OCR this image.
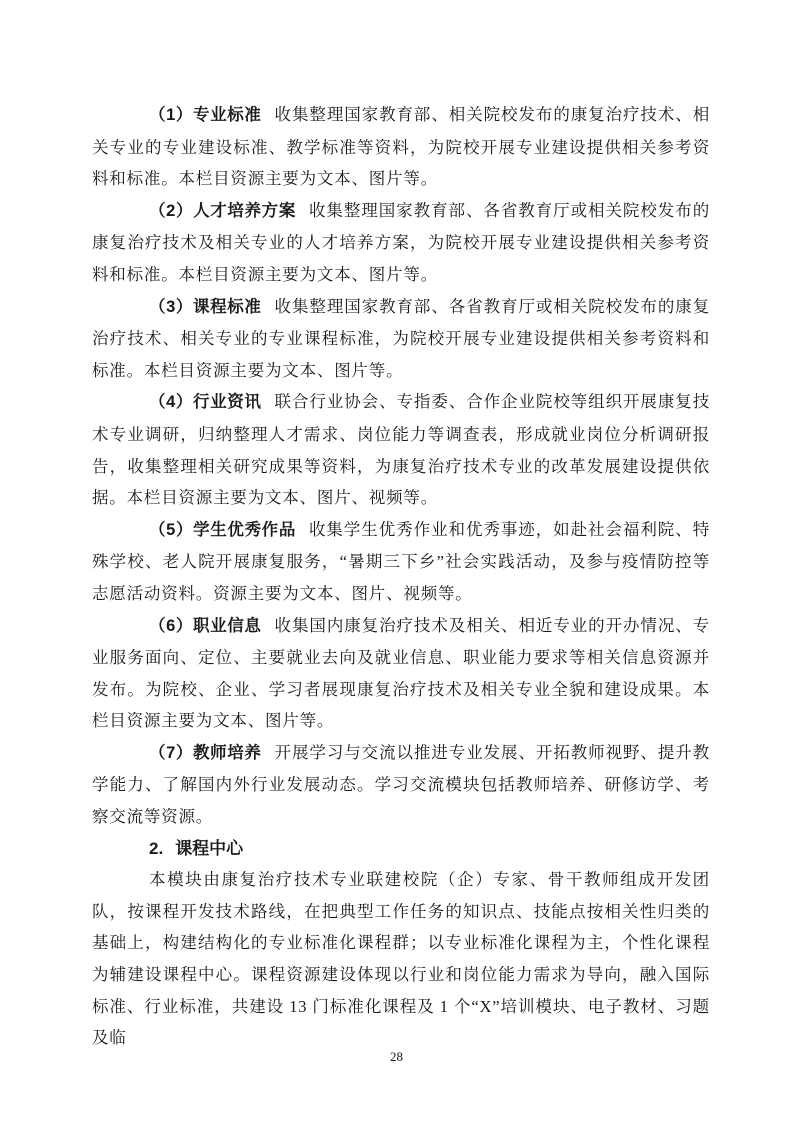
（1）专业标准 收集整理国家教育部、相关院校发布的康复治疗技术、相关专业的专业建设标准、教学标准等资料，为院校开展专业建设提供相关参考资料和标准。本栏目资源主要为文本、图片等。

（2）人才培养方案 收集整理国家教育部、各省教育厅或相关院校发布的康复治疗技术及相关专业的人才培养方案，为院校开展专业建设提供相关参考资料和标准。本栏目资源主要为文本、图片等。

（3）课程标准 收集整理国家教育部、各省教育厅或相关院校发布的康复治疗技术、相关专业的专业课程标准，为院校开展专业建设提供相关参考资料和标准。本栏目资源主要为文本、图片等。

（4）行业资讯 联合行业协会、专指委、合作企业院校等组织开展康复技术专业调研，归纳整理人才需求、岗位能力等调查表，形成就业岗位分析调研报告，收集整理相关研究成果等资料，为康复治疗技术专业的改革发展建设提供依据。本栏目资源主要为文本、图片、视频等。

（5）学生优秀作品 收集学生优秀作业和优秀事迹，如赴社会福利院、特殊学校、老人院开展康复服务，“暑期三下乡”社会实践活动，及参与疫情防控等志愿活动资料。资源主要为文本、图片、视频等。

（6）职业信息 收集国内康复治疗技术及相关、相近专业的开办情况、专业服务面向、定位、主要就业去向及就业信息、职业能力要求等相关信息资源并发布。为院校、企业、学习者展现康复治疗技术及相关专业全貌和建设成果。本栏目资源主要为文本、图片等。

（7）教师培养 开展学习与交流以推进专业发展、开拓教师视野、提升教学能力、了解国内外行业发展动态。学习交流模块包括教师培养、研修访学、考察交流等资源。

2. 课程中心

本模块由康复治疗技术专业联建校院（企）专家、骨干教师组成开发团队，按课程开发技术路线，在把典型工作任务的知识点、技能点按相关性归类的基础上，构建结构化的专业标准化课程群；以专业标准化课程为主，个性化课程为辅建设课程中心。课程资源建设体现以行业和岗位能力需求为导向，融入国际标准、行业标准，共建设 13 门标准化课程及 1 个“X”培训模块、电子教材、习题及临

28
